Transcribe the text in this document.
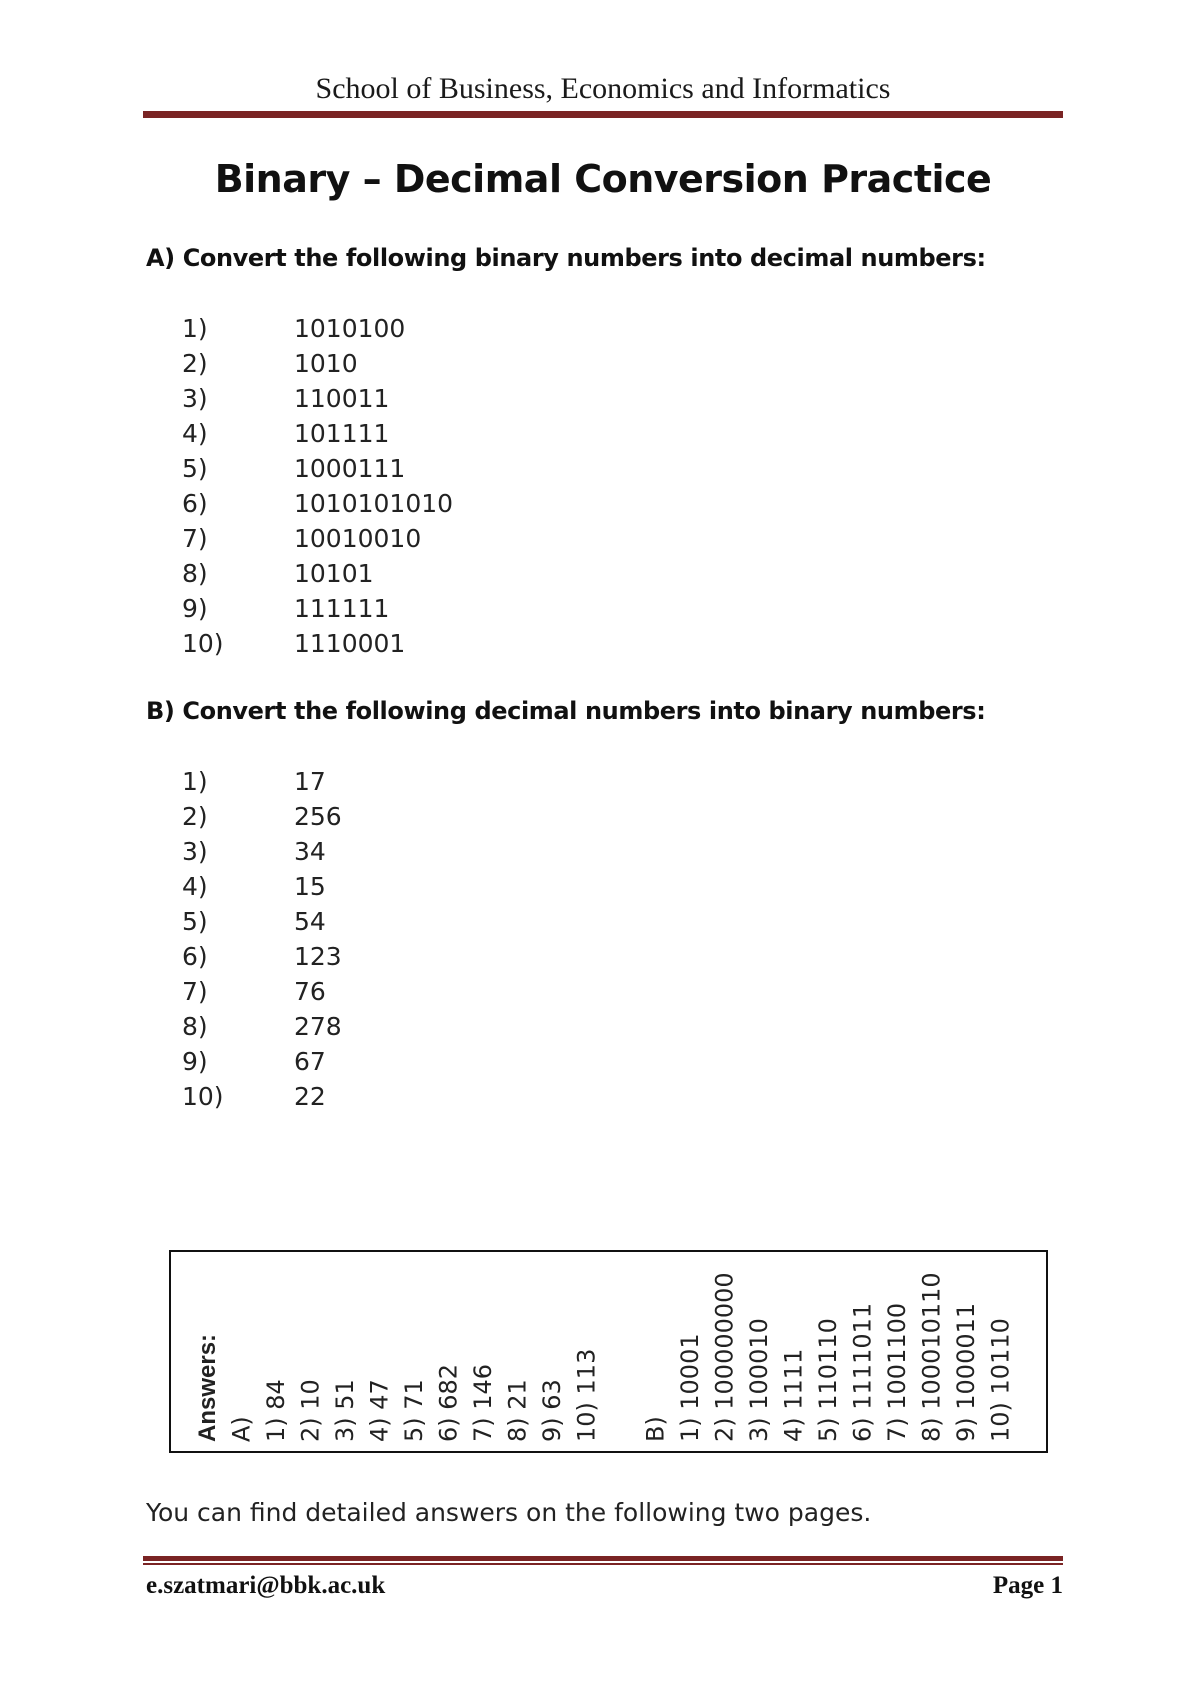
School of Business, Economics and Informatics
Binary – Decimal Conversion Practice
A) Convert the following binary numbers into decimal numbers:
1)	1010100
2)	1010
3)	110011
4)	101111
5)	1000111
6)	1010101010
7)	10010010
8)	10101
9)	111111
10)	1110001
B) Convert the following decimal numbers into binary numbers:
1)	17
2)	256
3)	34
4)	15
5)	54
6)	123
7)	76
8)	278
9)	67
10)	22
Answers: A) 1) 84 2) 10 3) 51 4) 47 5) 71 6) 682 7) 146 8) 21 9) 63 10) 113 B) 1) 10001 2) 100000000 3) 100010 4) 1111 5) 110110 6) 1111011 7) 1001100 8) 100010110 9) 1000011 10) 10110
You can find detailed answers on the following two pages.
e.szatmari@bbk.ac.uk	Page 1
